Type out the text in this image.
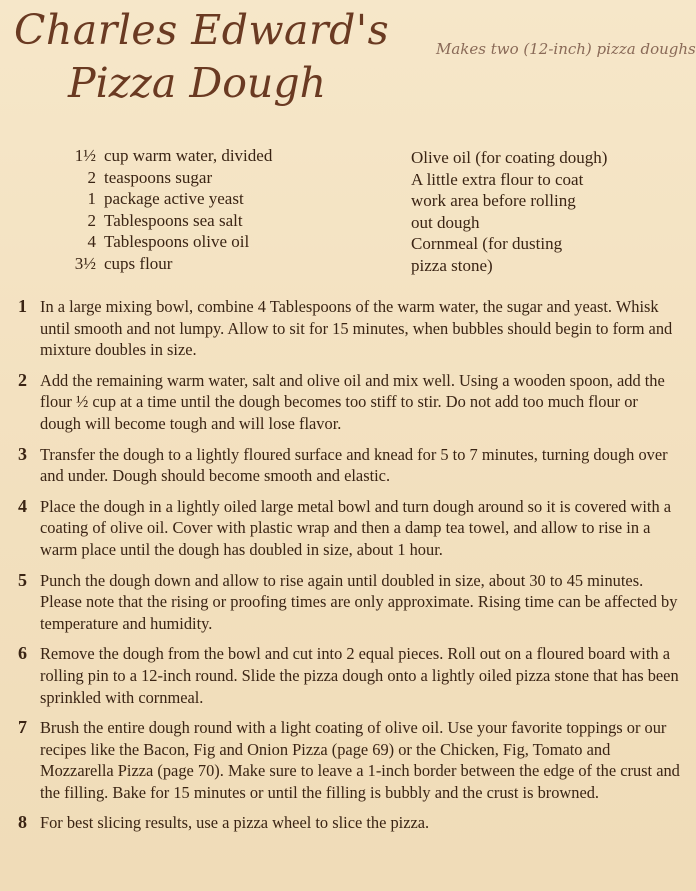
Charles Edward's
Pizza Dough
Makes two (12-inch) pizza doughs
1½ cup warm water, divided
2 teaspoons sugar
1 package active yeast
2 Tablespoons sea salt
4 Tablespoons olive oil
3½ cups flour
Olive oil (for coating dough)
A little extra flour to coat
work area before rolling
out dough
Cornmeal (for dusting
pizza stone)
1 In a large mixing bowl, combine 4 Tablespoons of the warm water, the sugar and yeast. Whisk until smooth and not lumpy. Allow to sit for 15 minutes, when bubbles should begin to form and mixture doubles in size.
2 Add the remaining warm water, salt and olive oil and mix well. Using a wooden spoon, add the flour ½ cup at a time until the dough becomes too stiff to stir. Do not add too much flour or dough will become tough and will lose flavor.
3 Transfer the dough to a lightly floured surface and knead for 5 to 7 minutes, turning dough over and under. Dough should become smooth and elastic.
4 Place the dough in a lightly oiled large metal bowl and turn dough around so it is covered with a coating of olive oil. Cover with plastic wrap and then a damp tea towel, and allow to rise in a warm place until the dough has doubled in size, about 1 hour.
5 Punch the dough down and allow to rise again until doubled in size, about 30 to 45 minutes. Please note that the rising or proofing times are only approximate. Rising time can be affected by temperature and humidity.
6 Remove the dough from the bowl and cut into 2 equal pieces. Roll out on a floured board with a rolling pin to a 12-inch round. Slide the pizza dough onto a lightly oiled pizza stone that has been sprinkled with cornmeal.
7 Brush the entire dough round with a light coating of olive oil. Use your favorite toppings or our recipes like the Bacon, Fig and Onion Pizza (page 69) or the Chicken, Fig, Tomato and Mozzarella Pizza (page 70). Make sure to leave a 1-inch border between the edge of the crust and the filling. Bake for 15 minutes or until the filling is bubbly and the crust is browned.
8 For best slicing results, use a pizza wheel to slice the pizza.
